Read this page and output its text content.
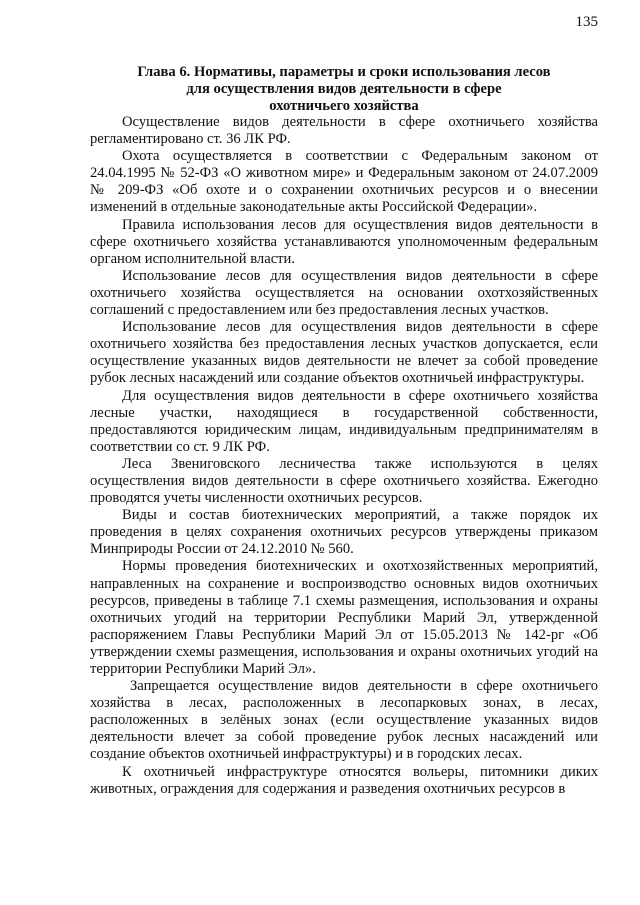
135
Глава 6. Нормативы, параметры и сроки использования лесов
для осуществления видов деятельности в сфере
охотничьего хозяйства

Осуществление видов деятельности в сфере охотничьего хозяйства регламентировано ст. 36 ЛК РФ.

Охота осуществляется в соответствии с Федеральным законом от 24.04.1995 № 52-ФЗ «О животном мире» и Федеральным законом от 24.07.2009 № 209-ФЗ «Об охоте и о сохранении охотничьих ресурсов и о внесении изменений в отдельные законодательные акты Российской Федерации».

Правила использования лесов для осуществления видов деятельности в сфере охотничьего хозяйства устанавливаются уполномоченным федеральным органом исполнительной власти.

Использование лесов для осуществления видов деятельности в сфере охотничьего хозяйства осуществляется на основании охотхозяйственных соглашений с предоставлением или без предоставления лесных участков.

Использование лесов для осуществления видов деятельности в сфере охотничьего хозяйства без предоставления лесных участков допускается, если осуществление указанных видов деятельности не влечет за собой проведение рубок лесных насаждений или создание объектов охотничьей инфраструктуры.

Для осуществления видов деятельности в сфере охотничьего хозяйства лесные участки, находящиеся в государственной собственности, предоставляются юридическим лицам, индивидуальным предпринимателям в соответствии со ст. 9 ЛК РФ.

Леса Звениговского лесничества также используются в целях осуществления видов деятельности в сфере охотничьего хозяйства. Ежегодно проводятся учеты численности охотничьих ресурсов.

Виды и состав биотехнических мероприятий, а также порядок их проведения в целях сохранения охотничьих ресурсов утверждены приказом Минприроды России от 24.12.2010 № 560.

Нормы проведения биотехнических и охотхозяйственных мероприятий, направленных на сохранение и воспроизводство основных видов охотничьих ресурсов, приведены в таблице 7.1 схемы размещения, использования и охраны охотничьих угодий на территории Республики Марий Эл, утвержденной распоряжением Главы Республики Марий Эл от 15.05.2013 № 142-рг «Об утверждении схемы размещения, использования и охраны охотничьих угодий на территории Республики Марий Эл».

Запрещается осуществление видов деятельности в сфере охотничьего хозяйства в лесах, расположенных в лесопарковых зонах, в лесах, расположенных в зелёных зонах (если осуществление указанных видов деятельности влечет за собой проведение рубок лесных насаждений или создание объектов охотничьей инфраструктуры) и в городских лесах.

К охотничьей инфраструктуре относятся вольеры, питомники диких животных, ограждения для содержания и разведения охотничьих ресурсов в
